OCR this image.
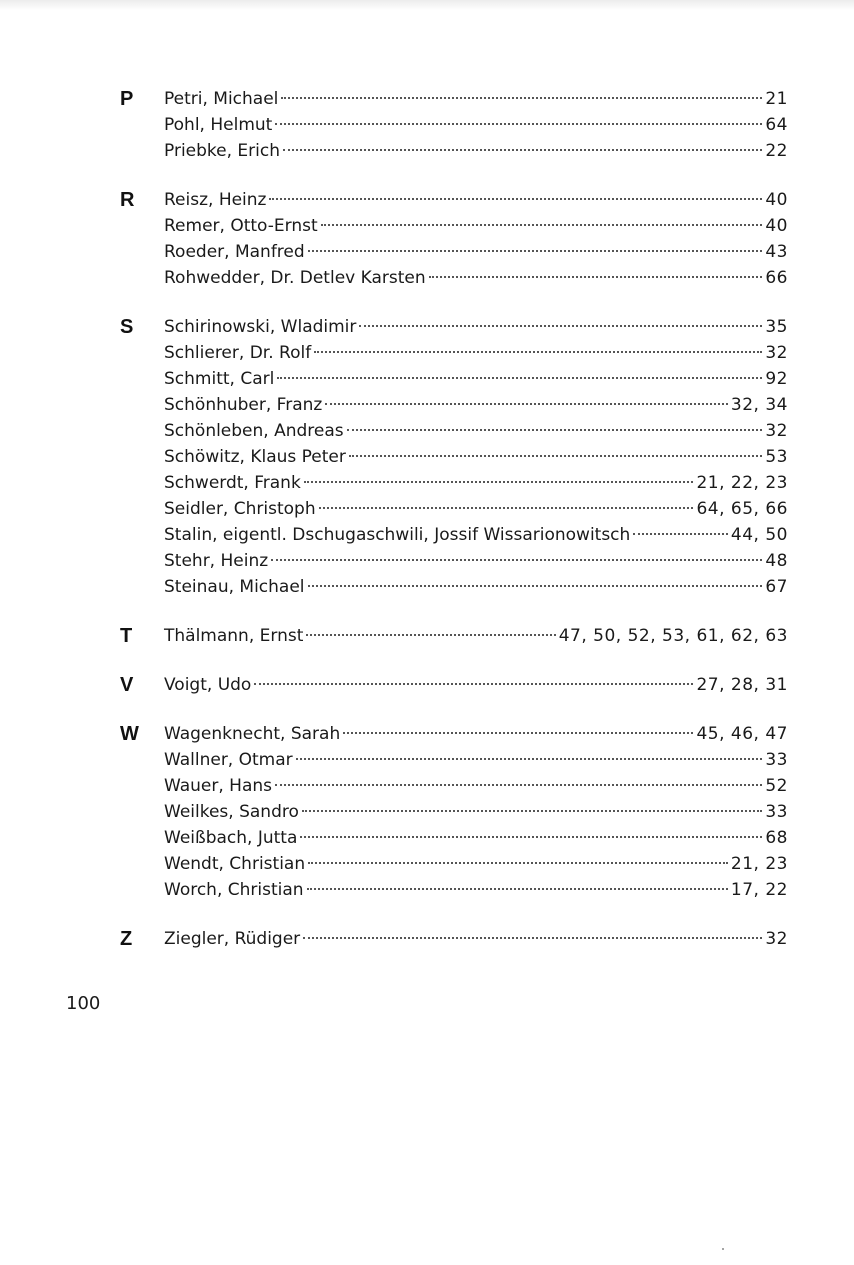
P Petri, Michael	21
Pohl, Helmut	64
Priebke, Erich	22
R Reisz, Heinz	40
Remer, Otto-Ernst	40
Roeder, Manfred	43
Rohwedder, Dr. Detlev Karsten	66
S Schirinowski, Wladimir	35
Schlierer, Dr. Rolf	32
Schmitt, Carl	92
Schönhuber, Franz	32, 34
Schönleben, Andreas	32
Schöwitz, Klaus Peter	53
Schwerdt, Frank	21, 22, 23
Seidler, Christoph	64, 65, 66
Stalin, eigentl. Dschugaschwili, Jossif Wissarionowitsch	44, 50
Stehr, Heinz	48
Steinau, Michael	67
T Thälmann, Ernst	47, 50, 52, 53, 61, 62, 63
V Voigt, Udo	27, 28, 31
W Wagenknecht, Sarah	45, 46, 47
Wallner, Otmar	33
Wauer, Hans	52
Weilkes, Sandro	33
Weißbach, Jutta	68
Wendt, Christian	21, 23
Worch, Christian	17, 22
Z Ziegler, Rüdiger	32
100
